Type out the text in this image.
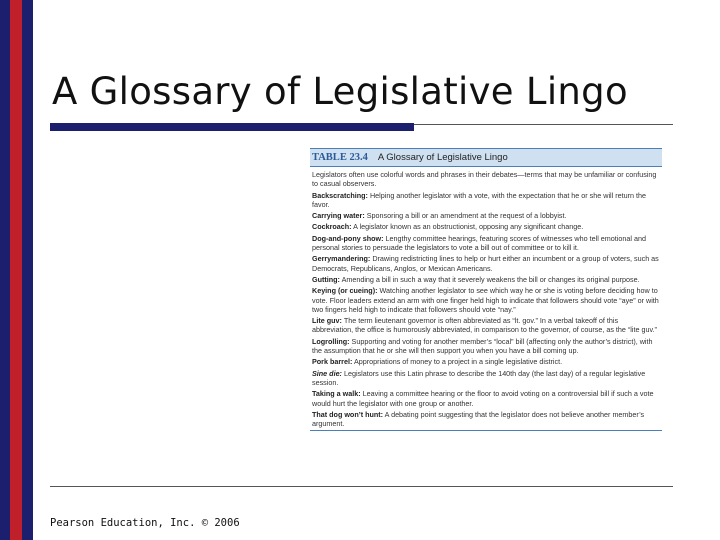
A Glossary of Legislative Lingo
TABLE 23.4 A Glossary of Legislative Lingo

Legislators often use colorful words and phrases in their debates—terms that may be unfamiliar or confusing to casual observers.

Backscratching: Helping another legislator with a vote, with the expectation that he or she will return the favor.

Carrying water: Sponsoring a bill or an amendment at the request of a lobbyist.

Cockroach: A legislator known as an obstructionist, opposing any significant change.

Dog-and-pony show: Lengthy committee hearings, featuring scores of witnesses who tell emotional and personal stories to persuade the legislators to vote a bill out of committee or to kill it.

Gerrymandering: Drawing redistricting lines to help or hurt either an incumbent or a group of voters, such as Democrats, Republicans, Anglos, or Mexican Americans.

Gutting: Amending a bill in such a way that it severely weakens the bill or changes its original purpose.

Keying (or cueing): Watching another legislator to see which way he or she is voting before deciding how to vote. Floor leaders extend an arm with one finger held high to indicate that followers should vote “aye” or with two fingers held high to indicate that followers should vote “nay.”

Lite guv: The term lieutenant governor is often abbreviated as “lt. gov.” In a verbal takeoff of this abbreviation, the office is humorously abbreviated, in comparison to the governor, of course, as the “lite guv.”

Logrolling: Supporting and voting for another member’s “local” bill (affecting only the author’s district), with the assumption that he or she will then support you when you have a bill coming up.

Pork barrel: Appropriations of money to a project in a single legislative district.

Sine die: Legislators use this Latin phrase to describe the 140th day (the last day) of a regular legislative session.

Taking a walk: Leaving a committee hearing or the floor to avoid voting on a controversial bill if such a vote would hurt the legislator with one group or another.

That dog won’t hunt: A debating point suggesting that the legislator does not believe another member’s argument.

Pearson Education, Inc. © 2006
